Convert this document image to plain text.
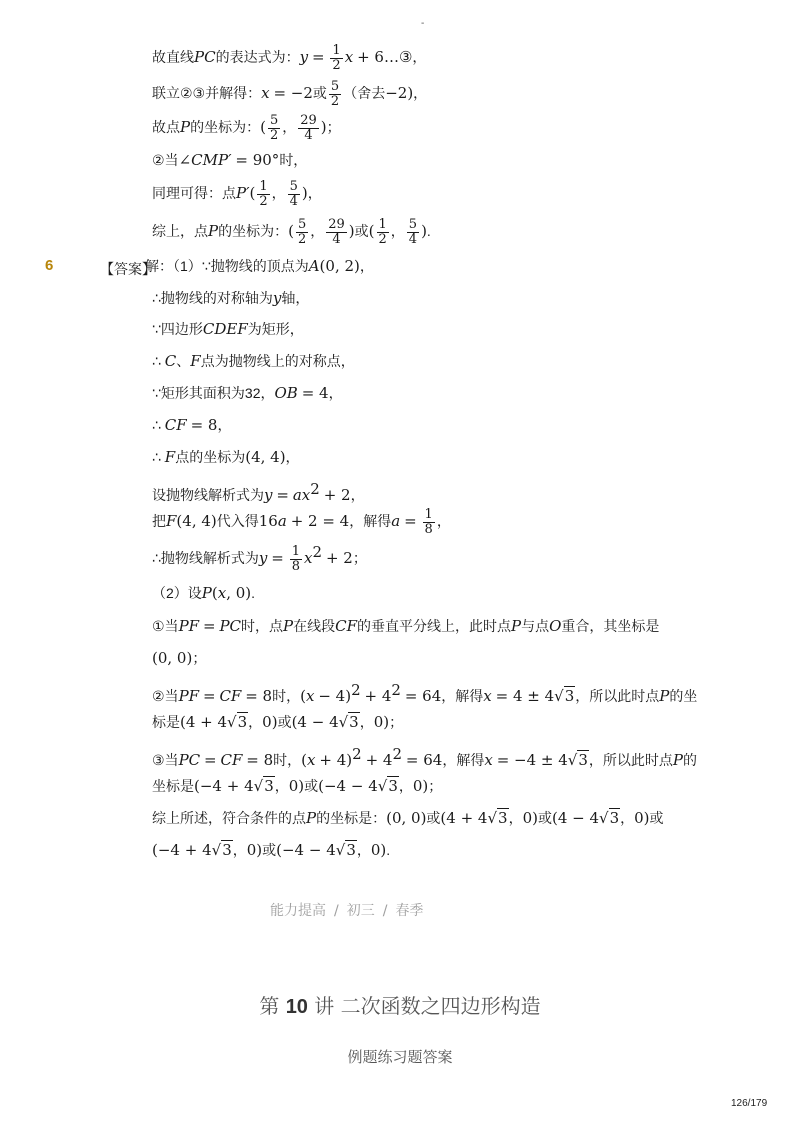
-
故直线PC的表达式为：$y = \frac{1}{2}$ x + 6…③，
联立②③并解得：x = −2或 $\frac{5}{2}$ （舍去−2)，
故点P的坐标为：( $\frac{5}{2}$ ， $\frac{29}{4}$ )；
②当∠CMP′ = 90°时，
同理可得：点$P'( \frac{1}{2}$ ， $\frac{5}{4}$ )，
综上，点P的坐标为：( $\frac{5}{2}$ ， $\frac{29}{4}$ )或( $\frac{1}{2}$ ， $\frac{5}{4}$ ).
6	【答案】
解：（1）∵抛物线的顶点为A(0, 2)，
∴抛物线的对称轴为y轴，
∵四边形CDEF为矩形，
∴ C、F点为抛物线上的对称点，
∵矩形其面积为32，OB = 4，
∴ CF = 8，
∴ F点的坐标为(4, 4)，
设抛物线解析式为$y = ax^2 + 2$，
把F(4, 4)代入得16a + 2 = 4，解得$a = \frac{1}{8}$ ，
∴抛物线解析式为$y = \frac{1}{8} x^2 + 2$；
（2）设P(x, 0).
①当PF = PC时，点P在线段CF的垂直平分线上，此时点P与点O重合，其坐标是
(0, 0)；
②当PF = CF = 8时，$(x - 4)^2 + 4^2 = 64$，解得x = 4 ± 4√3，所以此时点P的坐
标是(4 + 4√3，0)或(4 − 4√3，0)；
③当PC = CF = 8时，$(x + 4)^2 + 4^2 = 64$，解得x = −4 ± 4√3，所以此时点P的
坐标是(−4 + 4√3，0)或(−4 − 4√3，0)；
综上所述，符合条件的点P的坐标是：(0, 0)或(4 + 4√3，0)或(4 − 4√3，0)或
(−4 + 4√3，0)或(−4 − 4√3，0).
能力提高 / 初三 / 春季
第 10 讲 二次函数之四边形构造
例题练习题答案
126/179
